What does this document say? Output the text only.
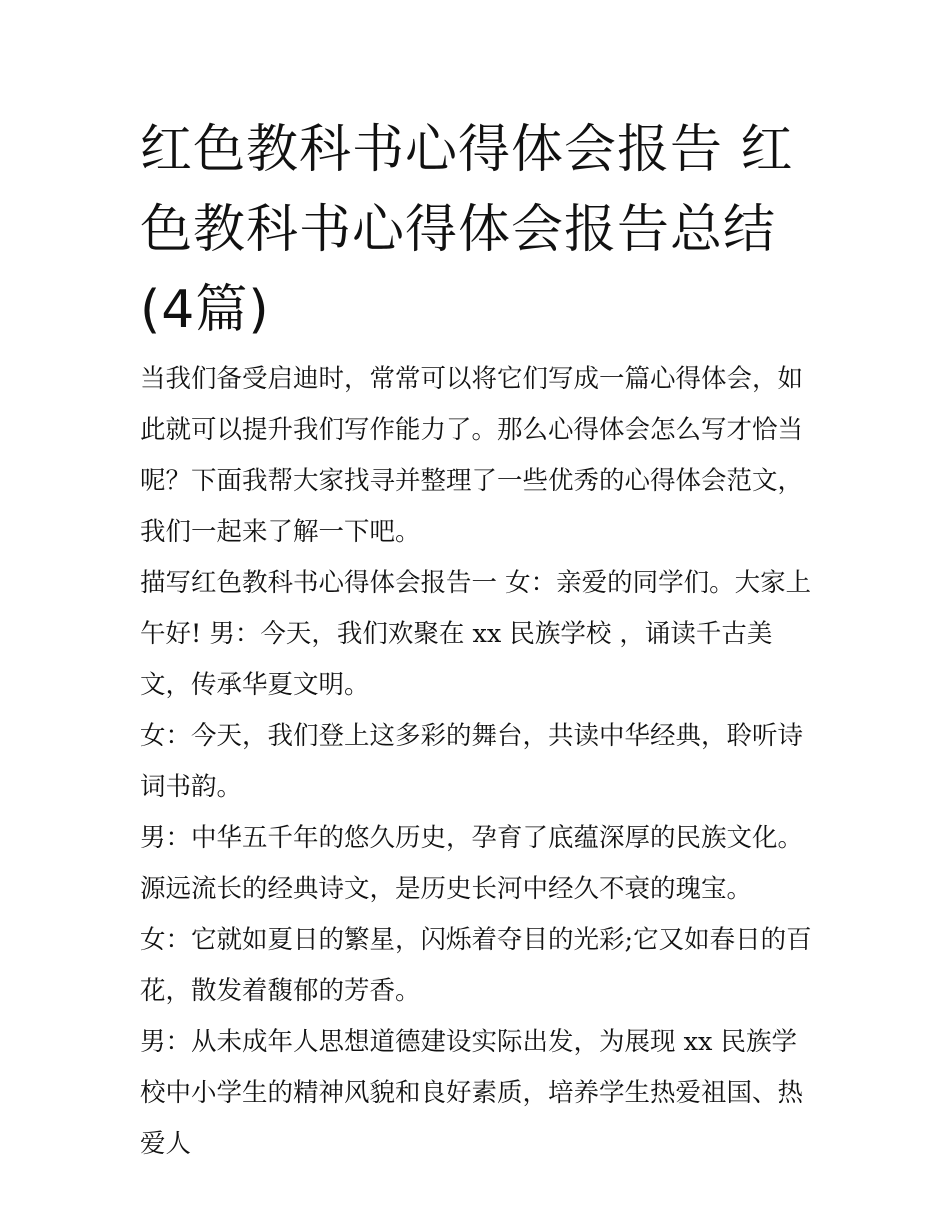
红色教科书心得体会报告 红色教科书心得体会报告总结(4篇)

当我们备受启迪时，常常可以将它们写成一篇心得体会，如此就可以提升我们写作能力了。那么心得体会怎么写才恰当呢？下面我帮大家找寻并整理了一些优秀的心得体会范文，我们一起来了解一下吧。

描写红色教科书心得体会报告一 女：亲爱的同学们。大家上午好! 男：今天，我们欢聚在 xx 民族学校 ，诵读千古美文，传承华夏文明。

女：今天，我们登上这多彩的舞台，共读中华经典，聆听诗词书韵。

男：中华五千年的悠久历史，孕育了底蕴深厚的民族文化。源远流长的经典诗文，是历史长河中经久不衰的瑰宝。

女：它就如夏日的繁星，闪烁着夺目的光彩;它又如春日的百花，散发着馥郁的芳香。

男：从未成年人思想道德建设实际出发，为展现 xx 民族学校中小学生的精神风貌和良好素质，培养学生热爱祖国、热爱人
